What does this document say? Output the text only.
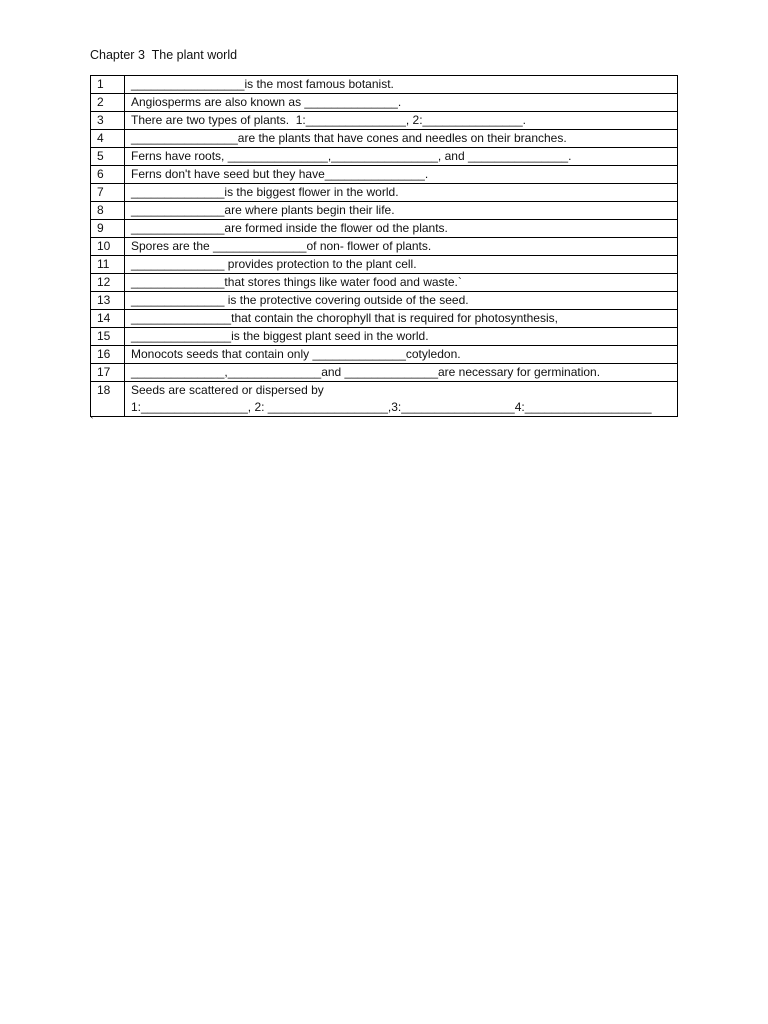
Chapter 3  The plant world
1	_________________is the most famous botanist.
2	Angiosperms are also known as ______________.
3	There are two types of plants.  1:_______________, 2:_______________.
4	________________are the plants that have cones and needles on their branches.
5	Ferns have roots, _______________,________________, and _______________.
6	Ferns don't have seed but they have_______________.
7	______________is the biggest flower in the world.
8	______________are where plants begin their life.
9	______________are formed inside the flower od the plants.
10	Spores are the ______________of non- flower of plants.
11	______________ provides protection to the plant cell.
12	______________that stores things like water food and waste.`
13	______________ is the protective covering outside of the seed.
14	_______________that contain the chorophyll that is required for photosynthesis,
15	_______________is the biggest plant seed in the world.
16	Monocots seeds that contain only ______________cotyledon.
17	______________,______________and ______________are necessary for germination.
18	Seeds are scattered or dispersed by
1:________________, 2: __________________,3:_________________4:___________________
`
